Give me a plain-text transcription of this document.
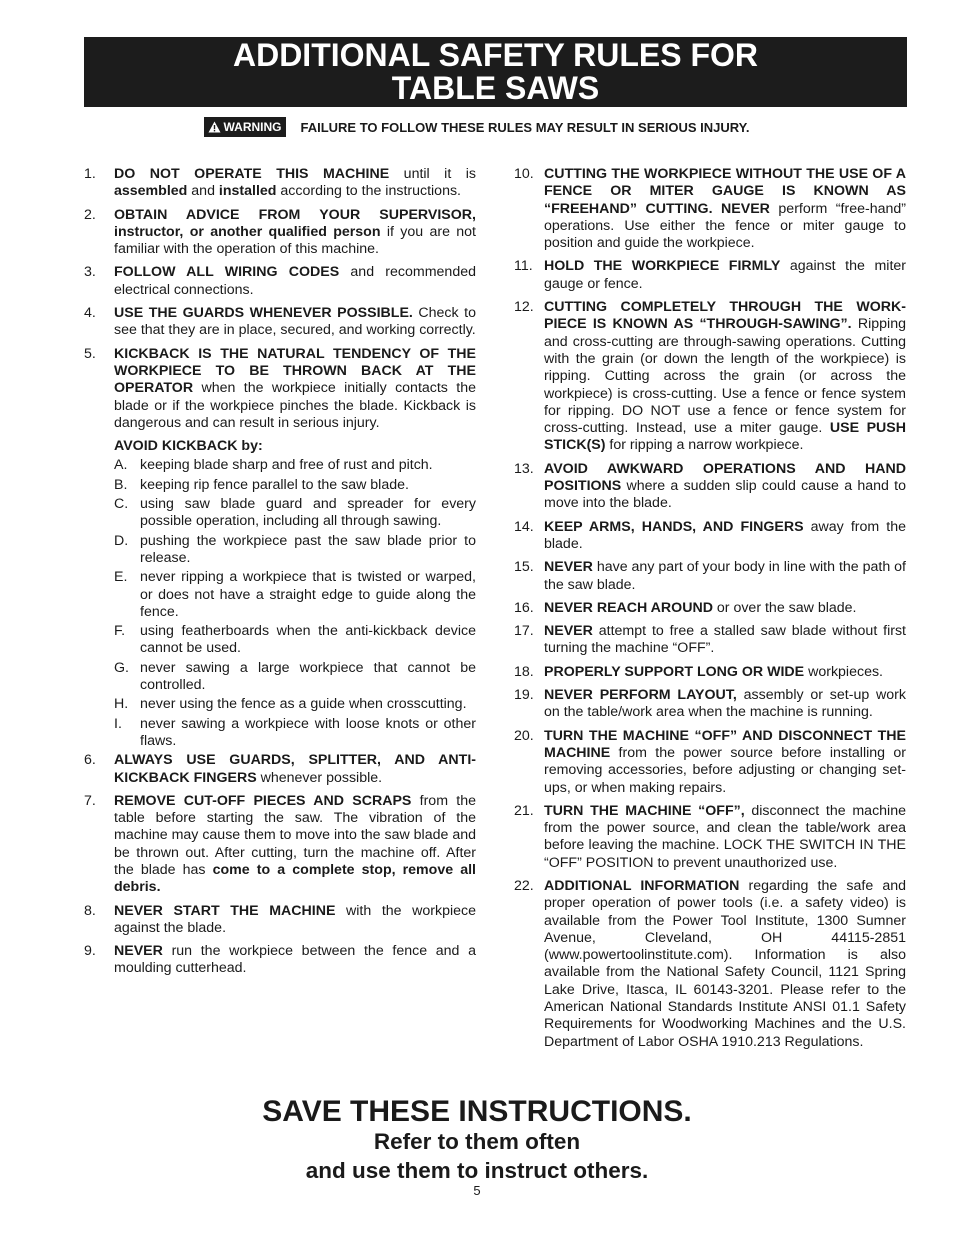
ADDITIONAL SAFETY RULES FOR
TABLE SAWS
WARNING FAILURE TO FOLLOW THESE RULES MAY RESULT IN SERIOUS INJURY.
1. DO NOT OPERATE THIS MACHINE until it is assembled and installed according to the instructions.
2. OBTAIN ADVICE FROM YOUR SUPERVISOR, instructor, or another qualified person if you are not familiar with the operation of this machine.
3. FOLLOW ALL WIRING CODES and recommended electrical connections.
4. USE THE GUARDS WHENEVER POSSIBLE. Check to see that they are in place, secured, and working correctly.
5. KICKBACK IS THE NATURAL TENDENCY OF THE WORKPIECE TO BE THROWN BACK AT THE OPERATOR when the workpiece initially contacts the blade or if the workpiece pinches the blade. Kickback is dangerous and can result in serious injury.
AVOID KICKBACK by:
A. keeping blade sharp and free of rust and pitch.
B. keeping rip fence parallel to the saw blade.
C. using saw blade guard and spreader for every possible operation, including all through sawing.
D. pushing the workpiece past the saw blade prior to release.
E. never ripping a workpiece that is twisted or warped, or does not have a straight edge to guide along the fence.
F. using featherboards when the anti-kickback device cannot be used.
G. never sawing a large workpiece that cannot be controlled.
H. never using the fence as a guide when crosscutting.
I. never sawing a workpiece with loose knots or other flaws.
6. ALWAYS USE GUARDS, SPLITTER, AND ANTI-KICKBACK FINGERS whenever possible.
7. REMOVE CUT-OFF PIECES AND SCRAPS from the table before starting the saw. The vibration of the machine may cause them to move into the saw blade and be thrown out. After cutting, turn the machine off. After the blade has come to a complete stop, remove all debris.
8. NEVER START THE MACHINE with the workpiece against the blade.
9. NEVER run the workpiece between the fence and a moulding cutterhead.
10. CUTTING THE WORKPIECE WITHOUT THE USE OF A FENCE OR MITER GAUGE IS KNOWN AS “FREEHAND” CUTTING. NEVER perform “free-hand” operations. Use either the fence or miter gauge to position and guide the workpiece.
11. HOLD THE WORKPIECE FIRMLY against the miter gauge or fence.
12. CUTTING COMPLETELY THROUGH THE WORK-PIECE IS KNOWN AS “THROUGH-SAWING”. Ripping and cross-cutting are through-sawing operations. Cutting with the grain (or down the length of the workpiece) is ripping. Cutting across the grain (or across the workpiece) is cross-cutting. Use a fence or fence system for ripping. DO NOT use a fence or fence system for cross-cutting. Instead, use a miter gauge. USE PUSH STICK(S) for ripping a narrow workpiece.
13. AVOID AWKWARD OPERATIONS AND HAND POSITIONS where a sudden slip could cause a hand to move into the blade.
14. KEEP ARMS, HANDS, AND FINGERS away from the blade.
15. NEVER have any part of your body in line with the path of the saw blade.
16. NEVER REACH AROUND or over the saw blade.
17. NEVER attempt to free a stalled saw blade without first turning the machine “OFF”.
18. PROPERLY SUPPORT LONG OR WIDE workpieces.
19. NEVER PERFORM LAYOUT, assembly or set-up work on the table/work area when the machine is running.
20. TURN THE MACHINE “OFF” AND DISCONNECT THE MACHINE from the power source before installing or removing accessories, before adjusting or changing set-ups, or when making repairs.
21. TURN THE MACHINE “OFF”, disconnect the machine from the power source, and clean the table/work area before leaving the machine. LOCK THE SWITCH IN THE “OFF” POSITION to prevent unauthorized use.
22. ADDITIONAL INFORMATION regarding the safe and proper operation of power tools (i.e. a safety video) is available from the Power Tool Institute, 1300 Sumner Avenue, Cleveland, OH 44115-2851 (www.powertoolinstitute.com). Information is also available from the National Safety Council, 1121 Spring Lake Drive, Itasca, IL 60143-3201. Please refer to the American National Standards Institute ANSI 01.1 Safety Requirements for Woodworking Machines and the U.S. Department of Labor OSHA 1910.213 Regulations.
SAVE THESE INSTRUCTIONS.
Refer to them often
and use them to instruct others.
5
